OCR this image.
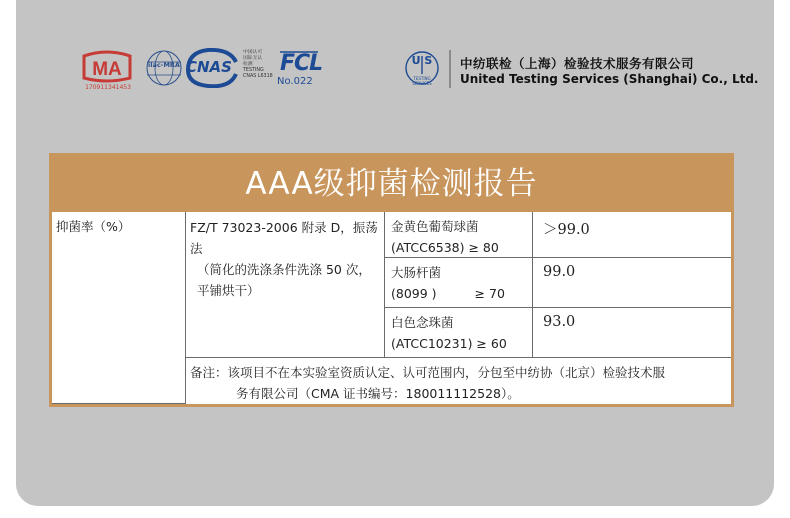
MA
170911341453
ilac-MRA CNAS
中国认可
国际互认
检测
TESTING
CNAS L6318
FCL
No.022
U S
TESTING SERVICES
中纺联检（上海）检验技术服务有限公司
United Testing Services (Shanghai) Co., Ltd.
AAA级抑菌检测报告
抑菌率（%）	FZ/T 73023-2006 附录 D，振荡法
（简化的洗涤条件洗涤 50 次，平铺烘干）
金黄色葡萄球菌
(ATCC6538) ≥ 80
＞99.0
大肠杆菌
(8099 )	≥ 70
99.0
白色念珠菌
(ATCC10231) ≥ 60
93.0
备注：该项目不在本实验室资质认定、认可范围内，分包至中纺协（北京）检验技术服
务有限公司（CMA 证书编号：180011112528）。
